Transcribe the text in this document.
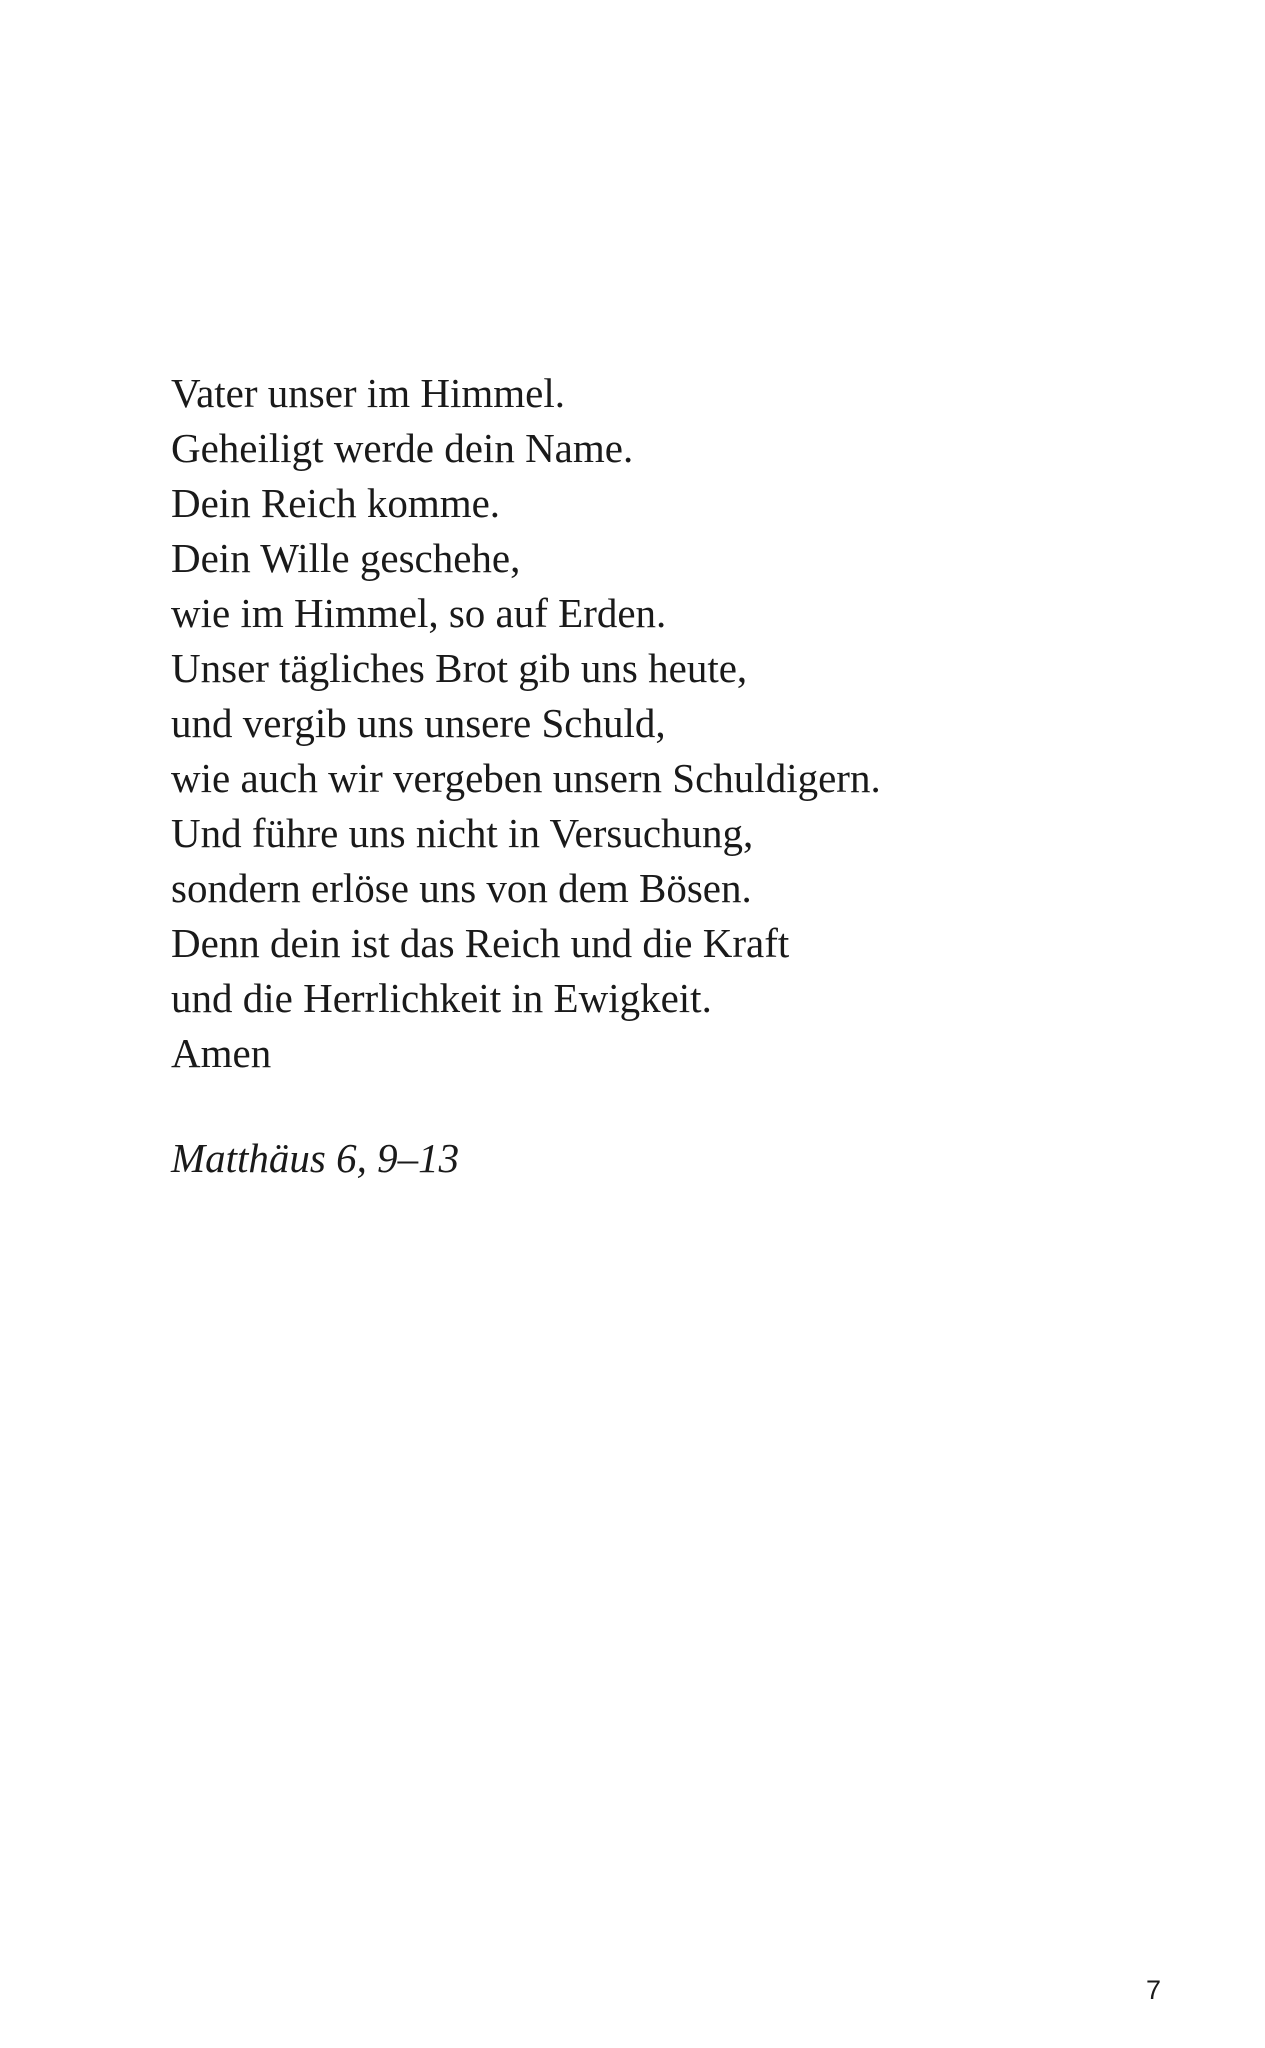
Vater unser im Himmel.
Geheiligt werde dein Name.
Dein Reich komme.
Dein Wille geschehe,
wie im Himmel, so auf Erden.
Unser tägliches Brot gib uns heute,
und vergib uns unsere Schuld,
wie auch wir vergeben unsern Schuldigern.
Und führe uns nicht in Versuchung,
sondern erlöse uns von dem Bösen.
Denn dein ist das Reich und die Kraft
und die Herrlichkeit in Ewigkeit.
Amen

Matthäus 6, 9–13

7
